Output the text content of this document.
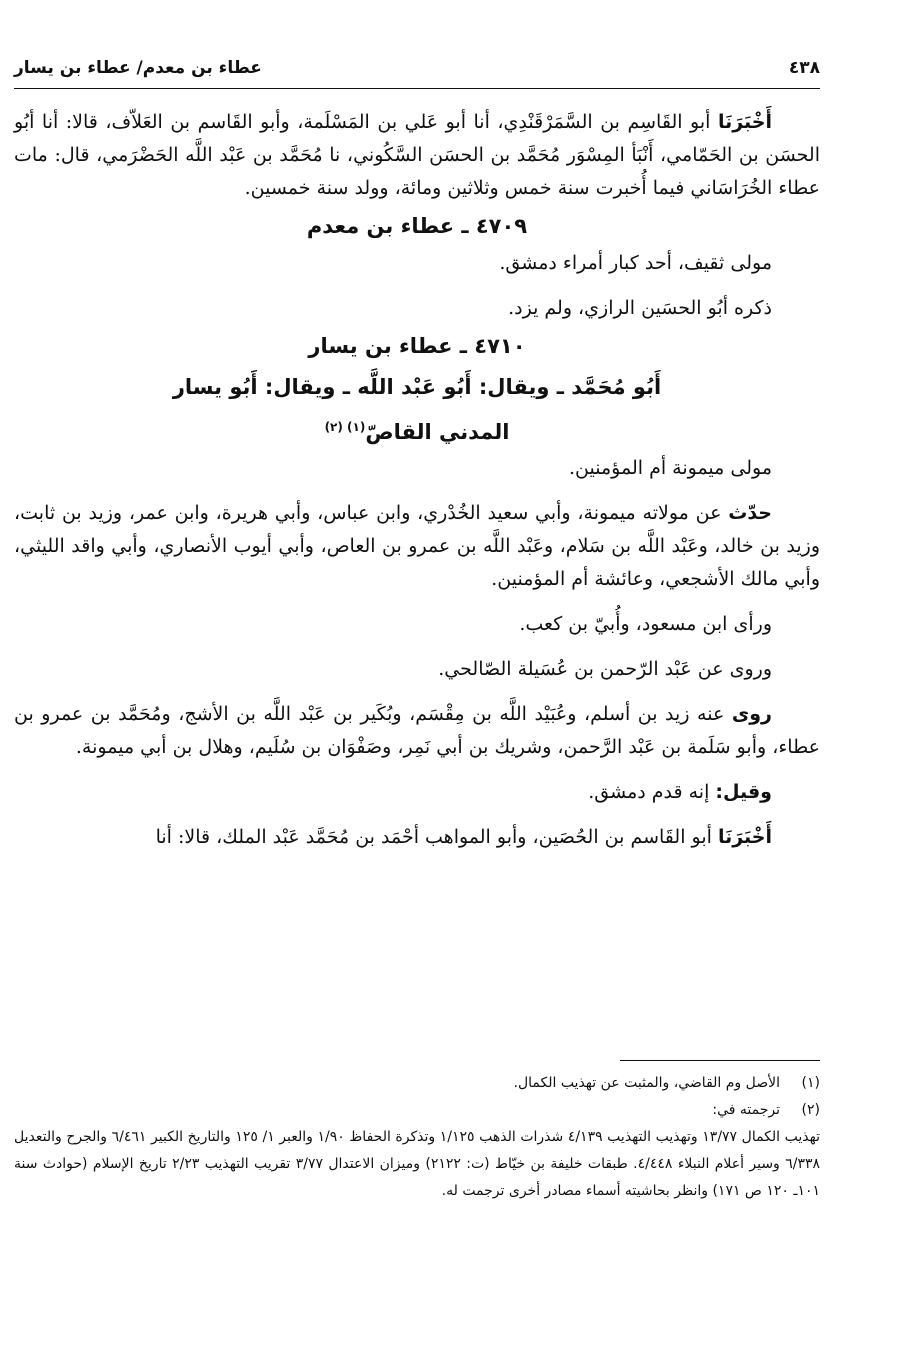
٤٣٨
عطاء بن معدم/ عطاء بن يسار

أَخْبَرَنَا أبو القَاسِم بن السَّمَرْقَنْدِي، أنا أبو عَلي بن المَسْلَمة، وأبو القَاسم بن العَلاّف، قالا: أنا أبُو الحسَن بن الحَمّامي، أَنْبَأ المِسْوَر مُحَمَّد بن الحسَن السَّكُوني، نا مُحَمَّد بن عَبْد اللَّه الحَضْرَمي، قال: مات عطاء الخُرَاسَاني فيما أُخبرت سنة خمس وثلاثين ومائة، وولد سنة خمسين.

٤٧٠٩ ـ عطاء بن معدم

مولى ثقيف، أحد كبار أمراء دمشق.

ذكره أبُو الحسَين الرازي، ولم يزد.

٤٧١٠ ـ عطاء بن يسار

أَبُو مُحَمَّد ـ ويقال: أَبُو عَبْد اللَّه ـ ويقال: أَبُو يسار

المدني القاصّ$^{(١) (٢)}$

مولى ميمونة أم المؤمنين.

حدّث عن مولاته ميمونة، وأبي سعيد الخُدْري، وابن عباس، وأبي هريرة، وابن عمر، وزيد بن ثابت، وزيد بن خالد، وعَبْد اللَّه بن سَلام، وعَبْد اللَّه بن عمرو بن العاص، وأبي أيوب الأنصاري، وأبي واقد الليثي، وأبي مالك الأشجعي، وعائشة أم المؤمنين.

ورأى ابن مسعود، وأُبيّ بن كعب.

وروى عن عَبْد الرّحمن بن عُسَيلة الصّالحي.

روى عنه زيد بن أسلم، وعُبَيْد اللَّه بن مِقْسَم، وبُكَير بن عَبْد اللَّه بن الأشج، ومُحَمَّد بن عمرو بن عطاء، وأبو سَلَمة بن عَبْد الرَّحمن، وشريك بن أبي نَمِر، وصَفْوَان بن سُلَيم، وهلال بن أبي ميمونة.

وقيل: إنه قدم دمشق.

أَخْبَرَنَا أبو القَاسم بن الحُصَين، وأبو المواهب أحْمَد بن مُحَمَّد عَبْد الملك، قالا: أنا

(١)الأصل وم القاضي، والمثبت عن تهذيب الكمال.

(٢)ترجمته في:

تهذيب الكمال ١٣/٧٧ وتهذيب التهذيب ٤/١٣٩ شذرات الذهب ١/١٢٥ وتذكرة الحفاظ ١/٩٠ والعبر ١/ ١٢٥ والتاريخ الكبير ٦/٤٦١ والجرح والتعديل ٦/٣٣٨ وسير أعلام النبلاء ٤/٤٤٨. طبقات خليفة بن خيّاط (ت: ٢١٢٢) وميزان الاعتدال ٣/٧٧ تقريب التهذيب ٢/٢٣ تاريخ الإسلام (حوادث سنة ١٠١ـ ١٢٠ ص ١٧١) وانظر بحاشيته أسماء مصادر أخرى ترجمت له.
